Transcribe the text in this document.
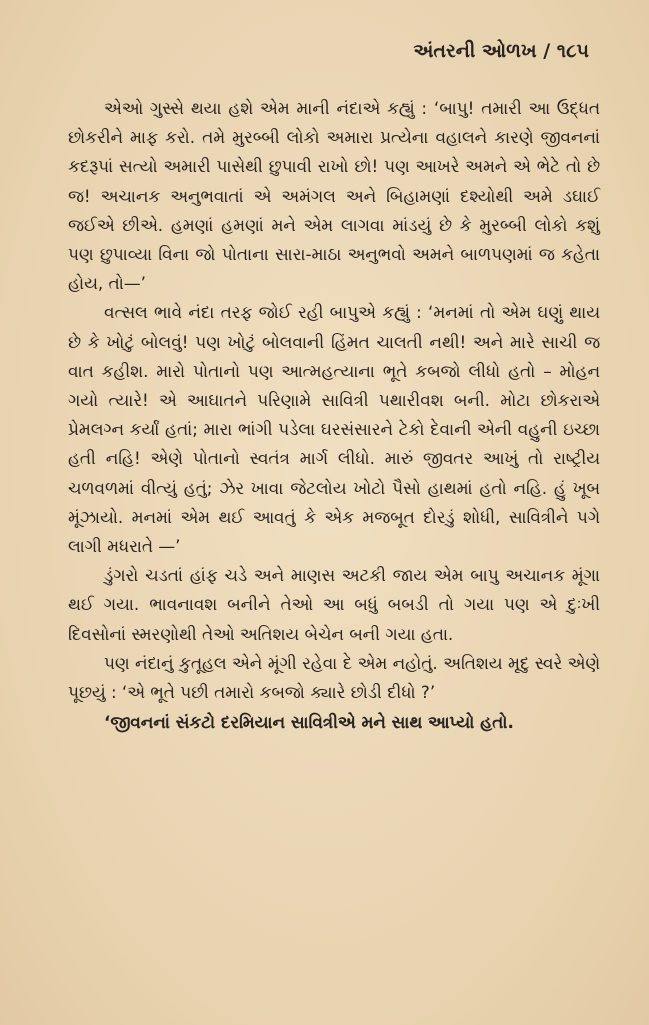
અંતરની ઓળખ / ૧૮૫

એઓ ગુસ્સે થયા હશે એમ માની નંદાએ કહ્યું : ‘બાપુ! તમારી આ ઉદ્ધત છોકરીને માફ કરો. તમે મુરબ્બી લોકો અમારા પ્રત્યેના વહાલને કારણે જીવનનાં કદરૂપાં સત્યો અમારી પાસેથી છુપાવી રાખો છો! પણ આખરે અમને એ ભેટે તો છે જ! અચાનક અનુભવાતાં એ અમંગલ અને બિહામણાં દશ્યોથી અમે ડઘાઈ જઈએ છીએ. હમણાં હમણાં મને એમ લાગવા માંડયું છે કે મુરબ્બી લોકો કશું પણ છુપાવ્યા વિના જો પોતાના સારા-માઠા અનુભવો અમને બાળપણમાં જ કહેતા હોય, તો—’

વત્સલ ભાવે નંદા તરફ જોઈ રહી બાપુએ કહ્યું : ‘મનમાં તો એમ ઘણું થાય છે કે ખોટું બોલવું! પણ ખોટું બોલવાની હિંમત ચાલતી નથી! અને મારે સાચી જ વાત કહીશ. મારો પોતાનો પણ આત્મહત્યાના ભૂતે કબજો લીધો હતો – મોહન ગયો ત્યારે! એ આઘાતને પરિણામે સાવિત્રી પથારીવશ બની. મોટા છોકરાએ પ્રેમલગ્ન કર્યાં હતાં; મારા ભાંગી પડેલા ઘરસંસારને ટેકો દેવાની એની વહુની ઇચ્છા હતી નહિ! એણે પોતાનો સ્વતંત્ર માર્ગ લીધો. મારું જીવતર આખું તો રાષ્ટ્રીય ચળવળમાં વીત્યું હતું; ઝેર ખાવા જેટલોય ખોટો પૈસો હાથમાં હતો નહિ. હું ખૂબ મૂંઝાયો. મનમાં એમ થઈ આવતું કે એક મજબૂત દોરડું શોધી, સાવિત્રીને પગે લાગી મધરાતે —’

ડુંગરો ચડતાં હાંફ ચડે અને માણસ અટકી જાય એમ બાપુ અચાનક મૂંગા થઈ ગયા. ભાવનાવશ બનીને તેઓ આ બધું બબડી તો ગયા પણ એ દુઃખી દિવસોનાં સ્મરણોથી તેઓ અતિશય બેચેન બની ગયા હતા.

પણ નંદાનું કુતૂહલ એને મૂંગી રહેવા દે એમ નહોતું. અતિશય મૃદુ સ્વરે એણે પૂછયું : ‘એ ભૂતે પછી તમારો કબજો ક્યારે છોડી દીધો ?’

‘જીવનનાં સંકટો દરમિયાન સાવિત્રીએ મને સાથ આપ્યો હતો.
